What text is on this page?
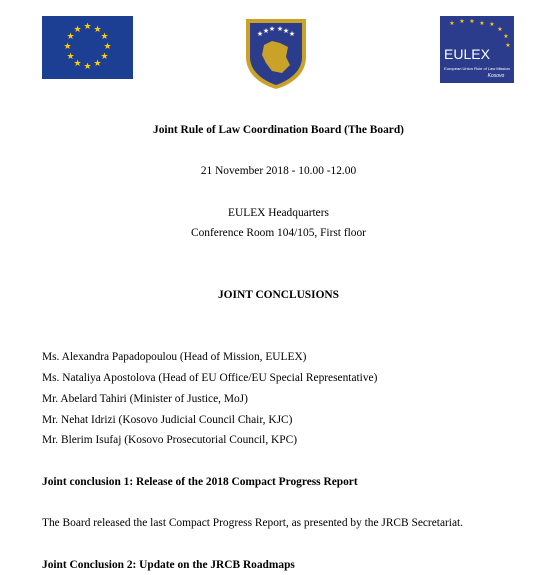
★ ★
★
★
★
★
★
★
★
★
★
★	★ ★ ★ ★ ★ ★
★ ★ ★ ★ ★
★
★
★
EULEX
European Union Rule of Law Mission
Kosovo
Joint Rule of Law Coordination Board (The Board)
21 November 2018 - 10.00 -12.00
EULEX Headquarters
Conference Room 104/105, First floor
JOINT CONCLUSIONS
Ms. Alexandra Papadopoulou (Head of Mission, EULEX)
Ms. Nataliya Apostolova (Head of EU Office/EU Special Representative)
Mr. Abelard Tahiri (Minister of Justice, MoJ)
Mr. Nehat Idrizi (Kosovo Judicial Council Chair, KJC)
Mr. Blerim Isufaj (Kosovo Prosecutorial Council, KPC)
Joint conclusion 1: Release of the 2018 Compact Progress Report
The Board released the last Compact Progress Report, as presented by the JRCB Secretariat.
Joint Conclusion 2: Update on the JRCB Roadmaps
